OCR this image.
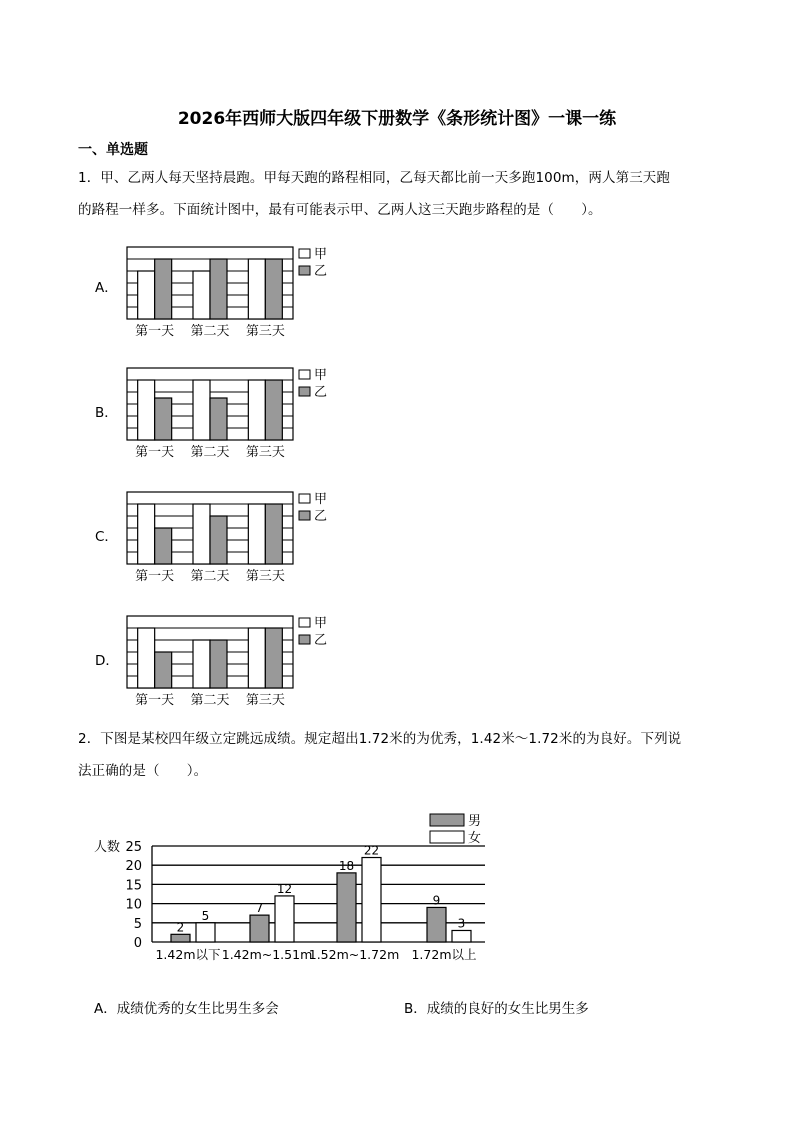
2026年西师大版四年级下册数学《条形统计图》一课一练
一、单选题
1．甲、乙两人每天坚持晨跑。甲每天跑的路程相同，乙每天都比前一天多跑100m，两人第三天跑
的路程一样多。下面统计图中，最有可能表示甲、乙两人这三天跑步路程的是（　　）。
A．
第一天 第二天 第三天
甲
乙
B．
第一天 第二天 第三天
甲
乙
C．
第一天 第二天 第三天
甲
乙
D．
第一天 第二天 第三天
甲
乙
2．下图是某校四年级立定跳远成绩。规定超出1.72米的为优秀，1.42米～1.72米的为良好。下列说
法正确的是（　　）。
人数
0
5
10
15
20
25
2
5
1.42m以下
7
12
1.42m~1.51m
18
22
1.52m~1.72m
9
3
1.72m以上
男
女
A．成绩优秀的女生比男生多会	B．成绩的良好的女生比男生多
